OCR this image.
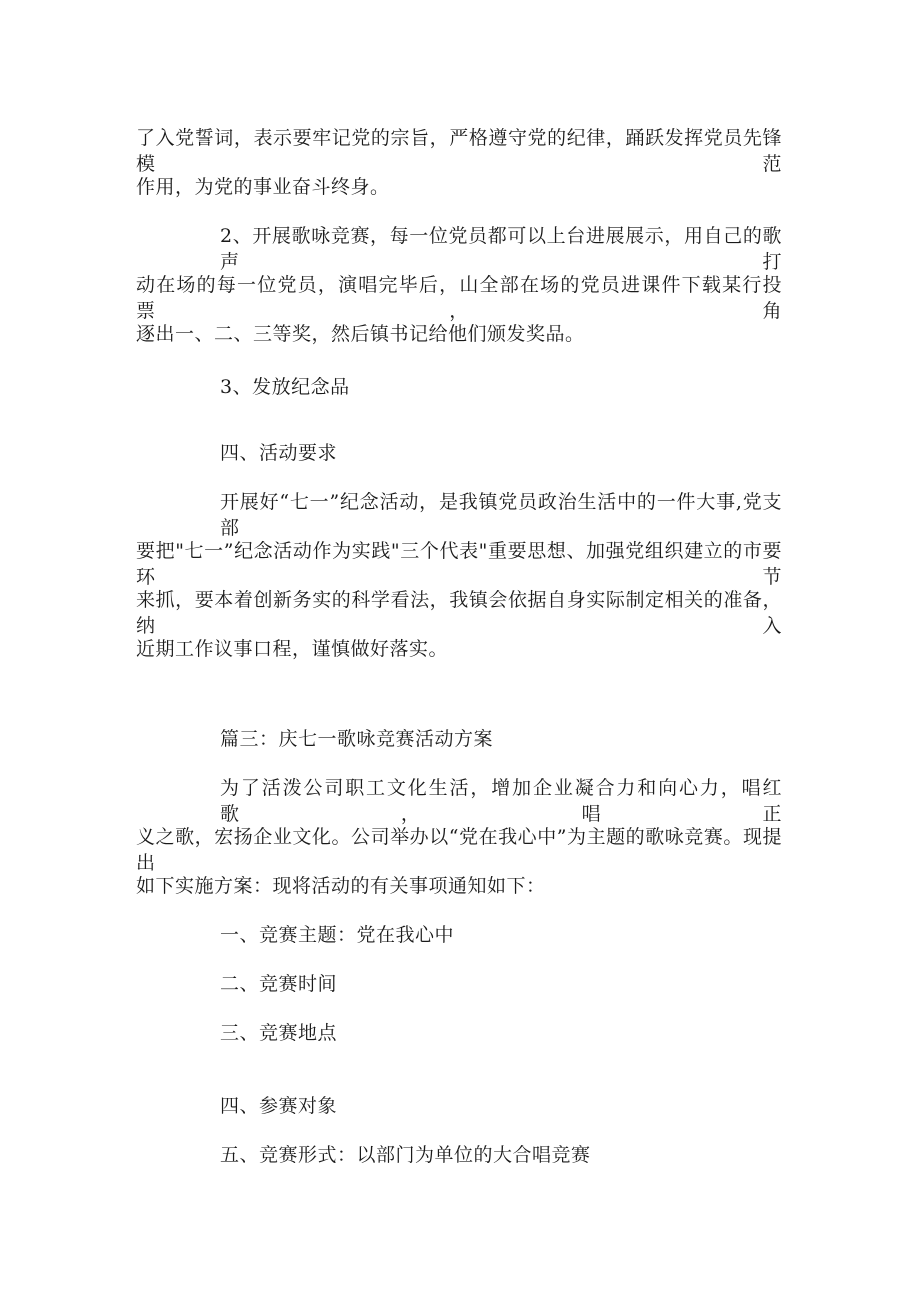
了入党誓词，表示要牢记党的宗旨，严格遵守党的纪律，踊跃发挥党员先锋模范
作用，为党的事业奋斗终身。
2、开展歌咏竞赛，每一位党员都可以上台进展展示，用自己的歌声打
动在场的每一位党员，演唱完毕后，山全部在场的党员进课件下载某行投票，角
逐出一、二、三等奖，然后镇书记给他们颁发奖品。
3、发放纪念品
四、活动要求
开展好“七一”纪念活动，是我镇党员政治生活中的一件大事,党支部
要把"七一”纪念活动作为实践"三个代表"重要思想、加强党组织建立的市要环节
来抓，要本着创新务实的科学看法，我镇会依据自身实际制定相关的准备，纳入
近期工作议事口程，谨慎做好落实。
篇三：庆七一歌咏竞赛活动方案
为了活泼公司职工文化生活，增加企业凝合力和向心力，唱红歌，唱正
义之歌，宏扬企业文化。公司举办以“党在我心中”为主题的歌咏竞赛。现提出
如下实施方案：现将活动的有关事项通知如下：
一、竞赛主题：党在我心中
二、竞赛时间
三、竞赛地点
四、参赛对象
五、竞赛形式：以部门为单位的大合唱竞赛
